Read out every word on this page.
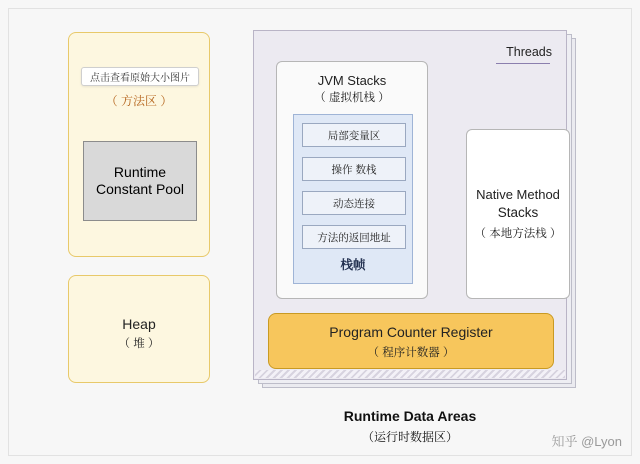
点击查看原始大小图片
（ 方法区 ）
Runtime
Constant Pool
Heap
（ 堆 ）
Threads
JVM Stacks
（ 虚拟机栈 ）
局部变量区
操作 数栈
动态连接
方法的返回地址
栈帧
Native Method
Stacks
（ 本地方法栈 ）
Program Counter Register
（ 程序计数器 ）
Runtime Data Areas
（运行时数据区）	知乎 @Lyon
